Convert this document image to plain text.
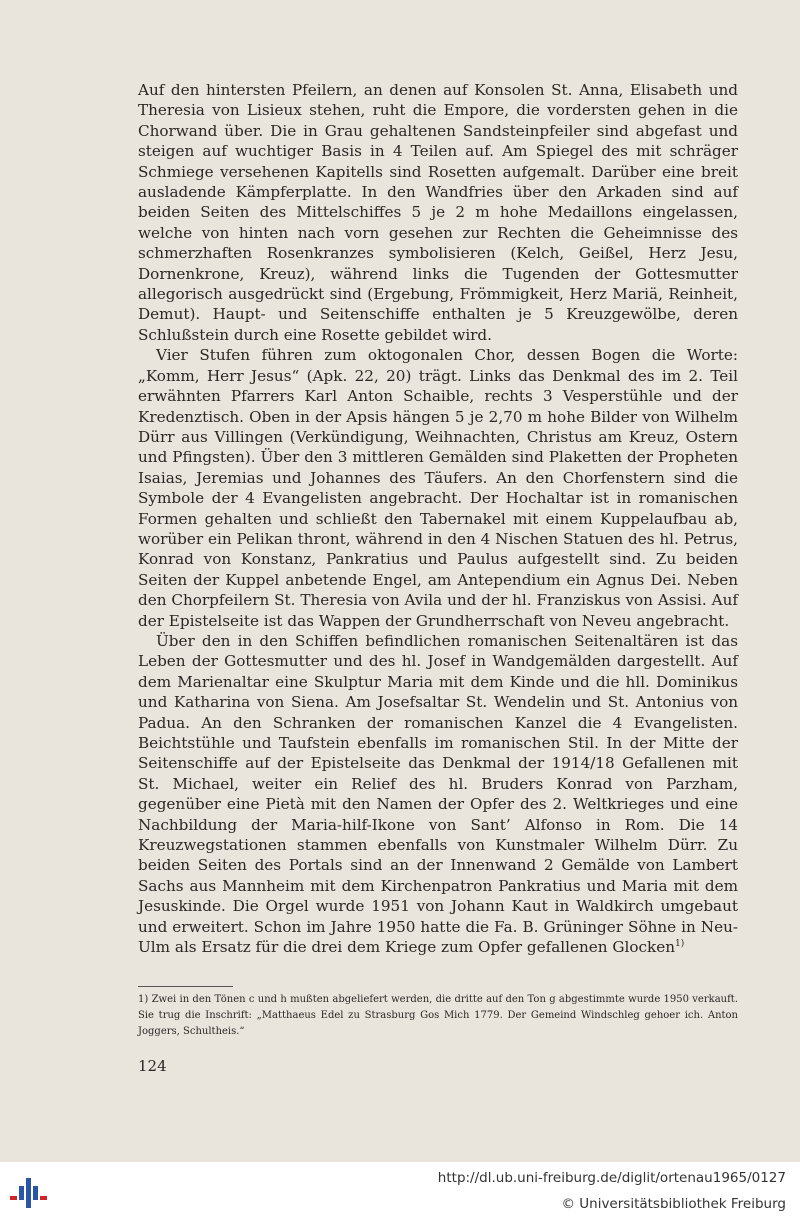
Auf den hintersten Pfeilern, an denen auf Konsolen St. Anna, Elisabeth und Theresia von Lisieux stehen, ruht die Empore, die vordersten gehen in die Chorwand über. Die in Grau gehaltenen Sandsteinpfeiler sind abgefast und steigen auf wuchtiger Basis in 4 Teilen auf. Am Spiegel des mit schräger Schmiege versehenen Kapitells sind Rosetten aufgemalt. Darüber eine breit ausladende Kämpferplatte. In den Wandfries über den Arkaden sind auf beiden Seiten des Mittelschiffes 5 je 2 m hohe Medaillons eingelassen, welche von hinten nach vorn gesehen zur Rechten die Geheimnisse des schmerzhaften Rosenkranzes symbolisieren (Kelch, Geißel, Herz Jesu, Dornenkrone, Kreuz), während links die Tugenden der Gottesmutter allegorisch ausgedrückt sind (Ergebung, Frömmigkeit, Herz Mariä, Reinheit, Demut). Haupt- und Seitenschiffe enthalten je 5 Kreuzgewölbe, deren Schlußstein durch eine Rosette gebildet wird.

Vier Stufen führen zum oktogonalen Chor, dessen Bogen die Worte: „Komm, Herr Jesus“ (Apk. 22, 20) trägt. Links das Denkmal des im 2. Teil erwähnten Pfarrers Karl Anton Schaible, rechts 3 Vesperstühle und der Kredenztisch. Oben in der Apsis hängen 5 je 2,70 m hohe Bilder von Wilhelm Dürr aus Villingen (Verkündigung, Weihnachten, Christus am Kreuz, Ostern und Pfingsten). Über den 3 mittleren Gemälden sind Plaketten der Propheten Isaias, Jeremias und Johannes des Täufers. An den Chorfenstern sind die Symbole der 4 Evangelisten angebracht. Der Hochaltar ist in romanischen Formen gehalten und schließt den Tabernakel mit einem Kuppelaufbau ab, worüber ein Pelikan thront, während in den 4 Nischen Statuen des hl. Petrus, Konrad von Konstanz, Pankratius und Paulus aufgestellt sind. Zu beiden Seiten der Kuppel anbetende Engel, am Antependium ein Agnus Dei. Neben den Chorpfeilern St. Theresia von Avila und der hl. Franziskus von Assisi. Auf der Epistelseite ist das Wappen der Grundherrschaft von Neveu angebracht.

Über den in den Schiffen befindlichen romanischen Seitenaltären ist das Leben der Gottesmutter und des hl. Josef in Wandgemälden dargestellt. Auf dem Marienaltar eine Skulptur Maria mit dem Kinde und die hll. Dominikus und Katharina von Siena. Am Josefsaltar St. Wendelin und St. Antonius von Padua. An den Schranken der romanischen Kanzel die 4 Evangelisten. Beichtstühle und Taufstein ebenfalls im romanischen Stil. In der Mitte der Seitenschiffe auf der Epistelseite das Denkmal der 1914/18 Gefallenen mit St. Michael, weiter ein Relief des hl. Bruders Konrad von Parzham, gegenüber eine Pietà mit den Namen der Opfer des 2. Weltkrieges und eine Nachbildung der Maria-hilf-Ikone von Sant’ Alfonso in Rom. Die 14 Kreuzwegstationen stammen ebenfalls von Kunstmaler Wilhelm Dürr. Zu beiden Seiten des Portals sind an der Innenwand 2 Gemälde von Lambert Sachs aus Mannheim mit dem Kirchenpatron Pankratius und Maria mit dem Jesuskinde. Die Orgel wurde 1951 von Johann Kaut in Waldkirch umgebaut und erweitert. Schon im Jahre 1950 hatte die Fa. B. Grüninger Söhne in Neu-Ulm als Ersatz für die drei dem Kriege zum Opfer gefallenen Glocken$^{1)}$

1) Zwei in den Tönen c und h mußten abgeliefert werden, die dritte auf den Ton g abgestimmte wurde 1950 verkauft. Sie trug die Inschrift: „Matthaeus Edel zu Strasburg Gos Mich 1779. Der Gemeind Windschleg gehoer ich. Anton Joggers, Schultheis.“
124
http://dl.ub.uni-freiburg.de/diglit/ortenau1965/0127
© Universitätsbibliothek Freiburg
